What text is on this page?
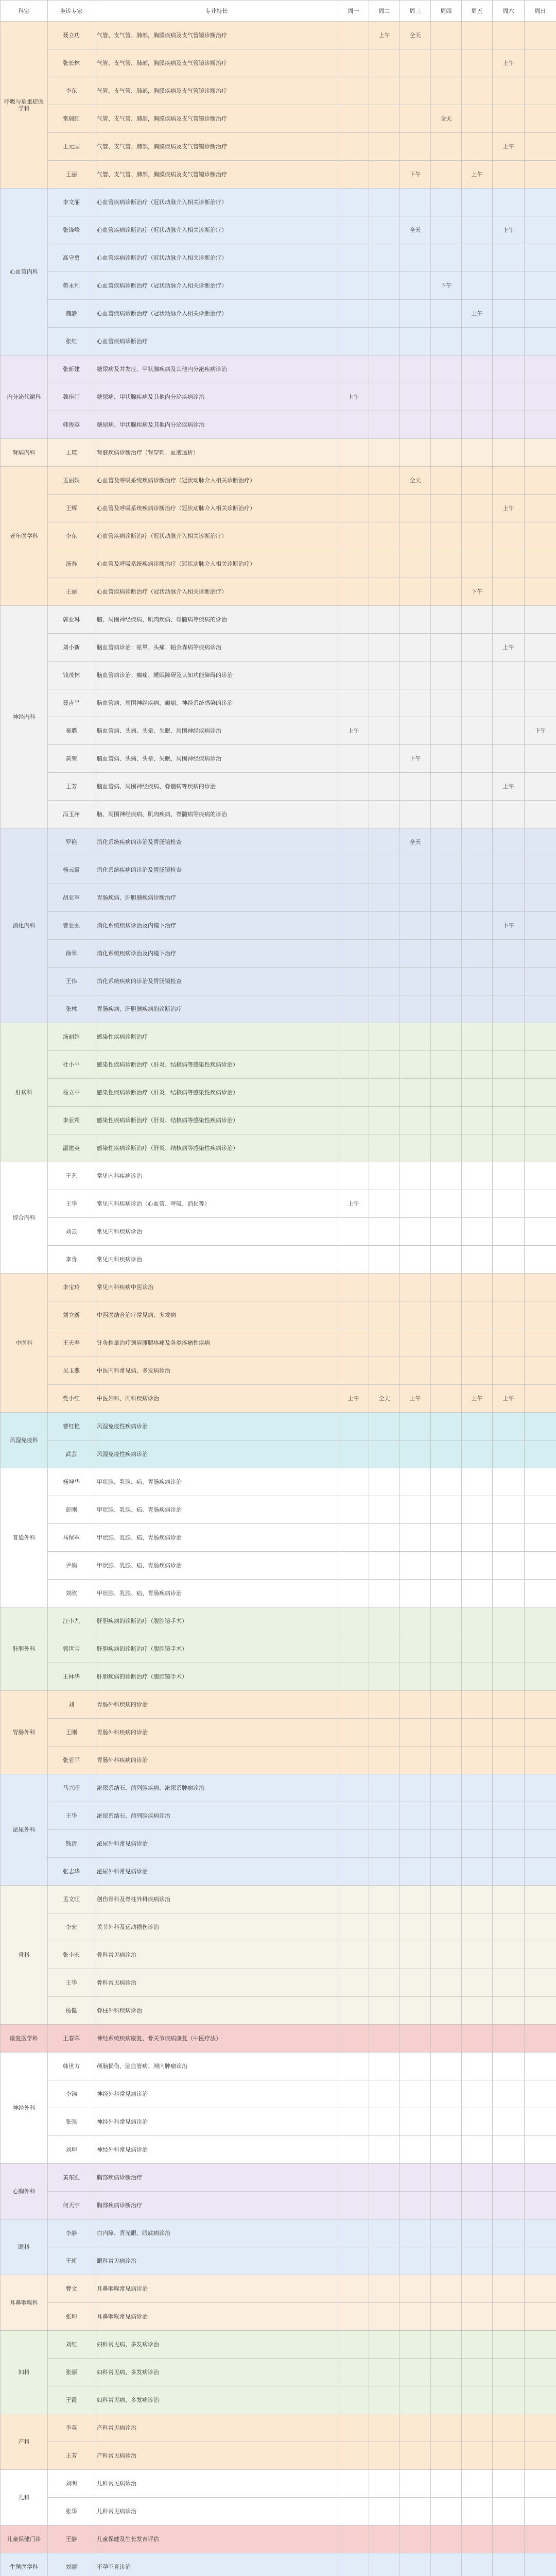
科室	坐诊专家	专业特长	周一	周二	周三	周四	周五	周六	周日
呼吸与危重症医学科	聂立功	气管、支气管、肺部，胸膜疾病及支气管镜诊断治疗		上午	全天				
	张长林	气管、支气管、肺部，胸膜疾病及支气管镜诊断治疗						上午	
	李东	气管、支气管、肺部，胸膜疾病及支气管镜诊断治疗							
	常瑞红	气管、支气管、肺部，胸膜疾病及支气管镜诊断治疗				全天			
	王元国	气管、支气管、肺部，胸膜疾病及支气管镜诊断治疗						上午	
	王丽	气管、支气管、肺部，胸膜疾病及支气管镜诊断治疗			下午		上午		
心血管内科	李文丽	心血管疾病诊断治疗（冠状动脉介入相关诊断治疗）							
	张锋峰	心血管疾病诊断治疗（冠状动脉介入相关诊断治疗）			全天			上午	
	高守勇	心血管疾病诊断治疗（冠状动脉介入相关诊断治疗）							
	蒋永利	心血管疾病诊断治疗（冠状动脉介入相关诊断治疗）				下午			
	魏静	心血管疾病诊断治疗（冠状动脉介入相关诊断治疗）					上午		
	张红	心血管疾病诊断治疗							
内分泌代谢科	张新建	糖尿病及并发症、甲状腺疾病及其他内分泌疾病诊治							
	魏佳汀	糖尿病、甲状腺疾病及其他内分泌疾病诊治	上午						
	韩俊英	糖尿病、甲状腺疾病及其他内分泌疾病诊治							
肾病内科	王瑛	肾脏疾病诊断治疗（肾穿刺、血液透析）							
老年医学科	孟丽娟	心血管及呼吸系统疾病诊断治疗（冠状动脉介入相关诊断治疗）			全天				
	王辉	心血管及呼吸系统疾病诊断治疗（冠状动脉介入相关诊断治疗）						上午	
	李东	心血管疾病诊断治疗（冠状动脉介入相关诊断治疗）							
	汤春	心血管及呼吸系统疾病诊断治疗（冠状动脉介入相关诊断治疗）							
	王丽	心血管疾病诊断治疗（冠状动脉介入相关诊断治疗）					下午		
神经内科	郭亚琳	脑、周围神经疾病、肌肉疾病、脊髓病等疾病的诊治							
	刘小新	脑血管病诊治；眩晕、头痛、帕金森病等疾病诊治						上午	
	钱茂林	脑血管病诊治；癫痫、睡眠障碍及认知功能障碍的诊治							
	聂吉平	脑血管病、周围神经疾病、癫痫、神经系统感染的诊治							
	秦璐	脑血管病、头痛、头晕、失眠、周围神经疾病诊治	上午						下午
	黄荣	脑血管病、头痛、头晕、失眠、周围神经疾病诊治			下午				
	王芳	脑血管病、周围神经疾病、脊髓病等疾病的诊治						上午	
	冯玉萍	脑、周围神经疾病、肌肉疾病、脊髓病等疾病的诊治							
消化内科	罗艳	消化系统疾病的诊治及胃肠镜检查			全天				
	杨云霞	消化系统疾病的诊治及胃肠镜检查							
	胡亚军	胃肠疾病、肝胆胰疾病诊断治疗							
	曹亚弘	消化系统疾病诊治及内镜下治疗						下午	
	徐翠	消化系统疾病诊治及内镜下治疗							
	王伟	消化系统疾病的诊治及胃肠镜检查							
	张林	胃肠疾病、肝胆胰疾病的诊断治疗							
肝病科	汤丽娟	感染性疾病诊断治疗							
	杜小平	感染性疾病诊断治疗（肝炎、结核病等感染性疾病诊治）							
	杨立平	感染性疾病诊断治疗（肝炎、结核病等感染性疾病诊治）							
	李亚莉	感染性疾病诊断治疗（肝炎、结核病等感染性疾病诊治）							
	温建英	感染性疾病诊断治疗（肝炎、结核病等感染性疾病诊治）							
综合内科	王艺	常见内科疾病诊治							
	王华	常见内科疾病诊治（心血管、呼吸、消化等）	上午						
	刘云	常见内科疾病诊治							
	李青	常见内科疾病诊治							
中医科	李宝玲	常见内科疾病中医诊治							
	刘立新	中西医结合治疗常见病、多发病							
	王天寿	针灸推拿治疗颈肩腰腿疼痛及各类疼痛性疾病							
	吴玉燕	中医内科常见病、多发病诊治							
	党小红	中医妇科、内科疾病诊治	上午	全天	上午		上午	上午	
风湿免疫科	曹红艳	风湿免疫性疾病诊治							
	武芸	风湿免疫性疾病诊治							
普通外科	杨坤华	甲状腺、乳腺、疝、胃肠疾病诊治							
	彭刚	甲状腺、乳腺、疝、胃肠疾病诊治							
	马保军	甲状腺、乳腺、疝、胃肠疾病诊治							
	尹娟	甲状腺、乳腺、疝、胃肠疾病诊治							
	刘欣	甲状腺、乳腺、疝、胃肠疾病诊治							
肝胆外科	汪小九	肝胆疾病的诊断治疗（腹腔镜手术）							
	郭世宝	肝胆疾病的诊断治疗（腹腔镜手术）							
	王林华	肝胆疾病的诊断治疗（腹腔镜手术）							
胃肠外科	刘	胃肠外科疾病的诊治							
	王刚	胃肠外科疾病的诊治							
	张亚平	胃肠外科疾病的诊治							
泌尿外科	马兴旺	泌尿系结石、前列腺疾病、泌尿系肿瘤诊治							
	王华	泌尿系结石、前列腺疾病诊治							
	钱清	泌尿外科常见病诊治							
	张志华	泌尿外科常见病诊治							
骨科	孟文旺	创伤骨科及脊柱外科疾病诊治							
	李宏	关节外科及运动损伤诊治							
	张小宏	骨科常见病诊治							
	王华	骨科常见病诊治							
	杨健	脊柱外科疾病诊治							
康复医学科	王春晖	神经系统疾病康复、骨关节疾病康复（中医疗法）							
神经外科	韩世力	颅脑损伤、脑血管病、颅内肿瘤诊治							
	李锦	神经外科常见病诊治							
	张强	神经外科常见病诊治							
	刘坤	神经外科常见病诊治							
心胸外科	黄东胜	胸部疾病诊断治疗							
	何天宇	胸部疾病诊断治疗							
眼科	李静	白内障、青光眼、眼底病诊治							
	王新	眼科常见病诊治							
耳鼻咽喉科	曹文	耳鼻咽喉常见病诊治							
	张坤	耳鼻咽喉常见病诊治							
妇科	刘红	妇科常见病、多发病诊治							
	张丽	妇科常见病、多发病诊治							
	王霞	妇科常见病、多发病诊治							
产科	李英	产科常见病诊治							
	王芳	产科常见病诊治							
儿科	刘明	儿科常见病诊治							
	张华	儿科常见病诊治							
儿童保健门诊	王静	儿童保健及生长发育评估							
生殖医学科	刘丽	不孕不育诊治							
